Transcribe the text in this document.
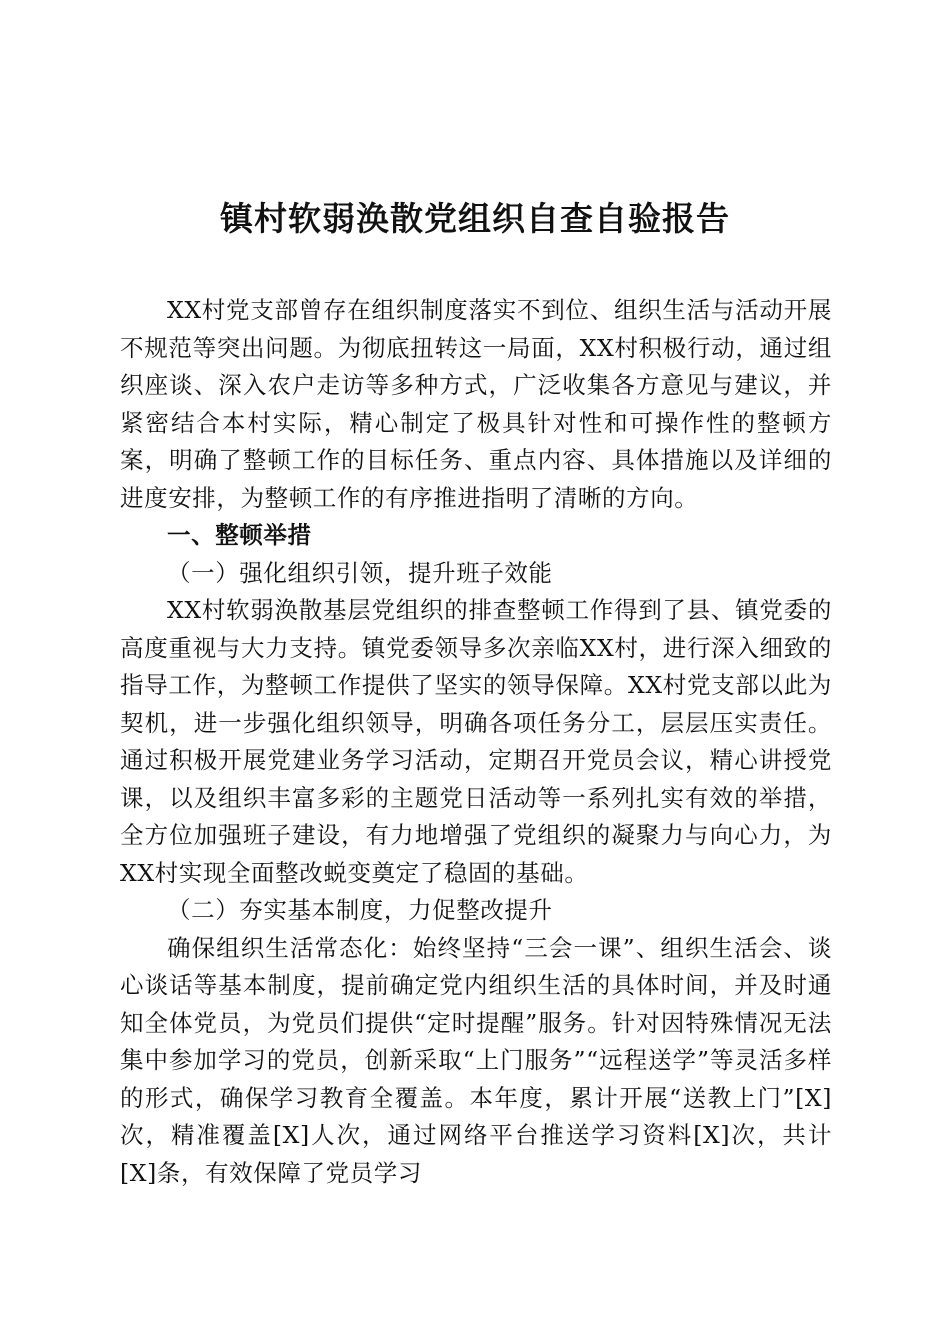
镇村软弱涣散党组织自查自验报告

XX村党支部曾存在组织制度落实不到位、组织生活与活动开展不规范等突出问题。为彻底扭转这一局面，XX村积极行动，通过组织座谈、深入农户走访等多种方式，广泛收集各方意见与建议，并紧密结合本村实际，精心制定了极具针对性和可操作性的整顿方案，明确了整顿工作的目标任务、重点内容、具体措施以及详细的进度安排，为整顿工作的有序推进指明了清晰的方向。

一、整顿举措

（一）强化组织引领，提升班子效能

XX村软弱涣散基层党组织的排查整顿工作得到了县、镇党委的高度重视与大力支持。镇党委领导多次亲临XX村，进行深入细致的指导工作，为整顿工作提供了坚实的领导保障。XX村党支部以此为契机，进一步强化组织领导，明确各项任务分工，层层压实责任。通过积极开展党建业务学习活动，定期召开党员会议，精心讲授党课，以及组织丰富多彩的主题党日活动等一系列扎实有效的举措，全方位加强班子建设，有力地增强了党组织的凝聚力与向心力，为XX村实现全面整改蜕变奠定了稳固的基础。

（二）夯实基本制度，力促整改提升

确保组织生活常态化：始终坚持“三会一课”、组织生活会、谈心谈话等基本制度，提前确定党内组织生活的具体时间，并及时通知全体党员，为党员们提供“定时提醒”服务。针对因特殊情况无法集中参加学习的党员，创新采取“上门服务”“远程送学”等灵活多样的形式，确保学习教育全覆盖。本年度，累计开展“送教上门”[X]次，精准覆盖[X]人次，通过网络平台推送学习资料[X]次，共计[X]条，有效保障了党员学习
